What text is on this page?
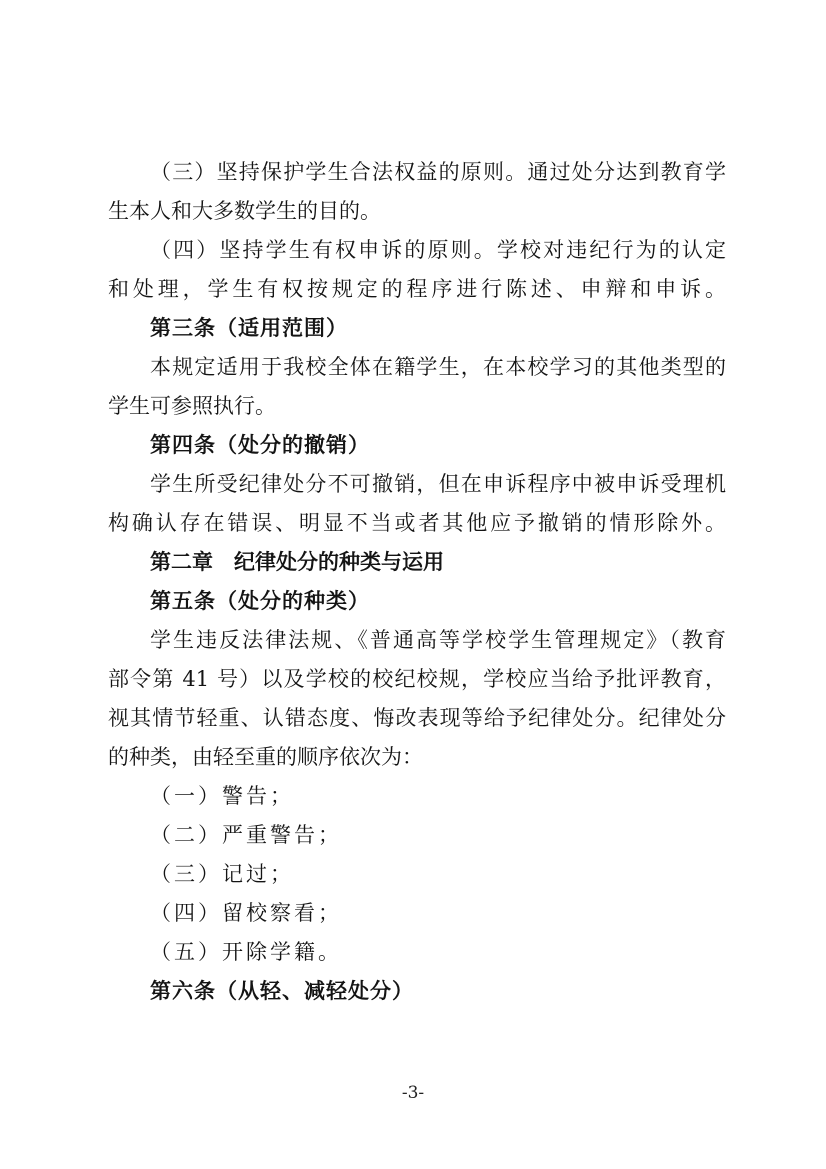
（三）坚持保护学生合法权益的原则。通过处分达到教育学
生本人和大多数学生的目的。
（四）坚持学生有权申诉的原则。学校对违纪行为的认定
和处理，学生有权按规定的程序进行陈述、申辩和申诉。
第三条（适用范围）
本规定适用于我校全体在籍学生，在本校学习的其他类型的
学生可参照执行。
第四条（处分的撤销）
学生所受纪律处分不可撤销，但在申诉程序中被申诉受理机
构确认存在错误、明显不当或者其他应予撤销的情形除外。
第二章　纪律处分的种类与运用
第五条（处分的种类）
学生违反法律法规、《普通高等学校学生管理规定》（教育
部令第 41 号）以及学校的校纪校规，学校应当给予批评教育，
视其情节轻重、认错态度、悔改表现等给予纪律处分。纪律处分
的种类，由轻至重的顺序依次为：
（一）警告；
（二）严重警告；
（三）记过；
（四）留校察看；
（五）开除学籍。
第六条（从轻、减轻处分）
-3-
